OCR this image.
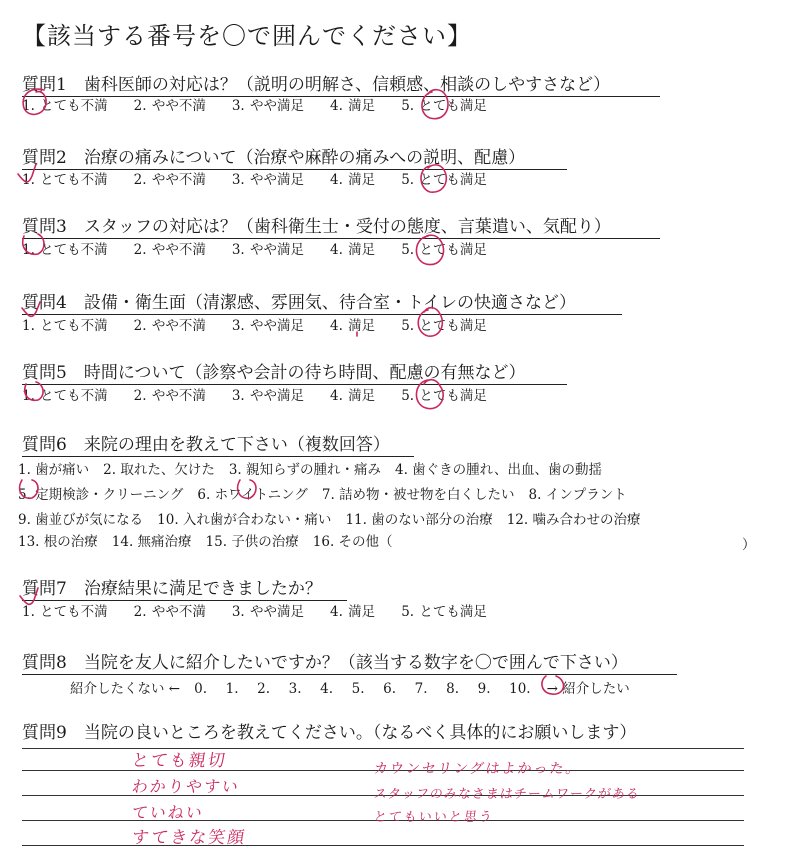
【該当する番号を〇で囲んでください】
質問1　歯科医師の対応は？（説明の明解さ、信頼感、相談のしやすさなど）
1. とても不満 2. やや不満 3. やや満足 4. 満足 5. とても満足
質問2　治療の痛みについて（治療や麻酔の痛みへの説明、配慮）
1. とても不満 2. やや不満 3. やや満足 4. 満足 5. とても満足
質問3　スタッフの対応は？（歯科衛生士・受付の態度、言葉遣い、気配り）
1. とても不満 2. やや不満 3. やや満足 4. 満足 5. とても満足
質問4　設備・衛生面（清潔感、雰囲気、待合室・トイレの快適さなど）
1. とても不満 2. やや不満 3. やや満足 4. 満足 5. とても満足
質問5　時間について（診察や会計の待ち時間、配慮の有無など）
1. とても不満 2. やや不満 3. やや満足 4. 満足 5. とても満足
質問6　来院の理由を教えて下さい（複数回答）
1. 歯が痛い 2. 取れた、欠けた 3. 親知らずの腫れ・痛み 4. 歯ぐきの腫れ、出血、歯の動揺
5. 定期検診・クリーニング 6. ホワイトニング 7. 詰め物・被せ物を白くしたい 8. インプラント
9. 歯並びが気になる 10. 入れ歯が合わない・痛い 11. 歯のない部分の治療 12. 噛み合わせの治療
13. 根の治療 14. 無痛治療 15. 子供の治療 16. その他（	）
質問7　治療結果に満足できましたか？
1. とても不満 2. やや不満 3. やや満足 4. 満足 5. とても満足
質問8　当院を友人に紹介したいですか？（該当する数字を〇で囲んで下さい）
紹介したくない ← 0. 1. 2. 3. 4. 5. 6. 7. 8. 9. 10. → 紹介したい
質問9　当院の良いところを教えてください。（なるべく具体的にお願いします）
とても親切
わかりやすい
ていねい
すてきな笑顔
カウンセリングはよかった。
スタッフのみなさまはチームワークがある
とてもいいと思う
